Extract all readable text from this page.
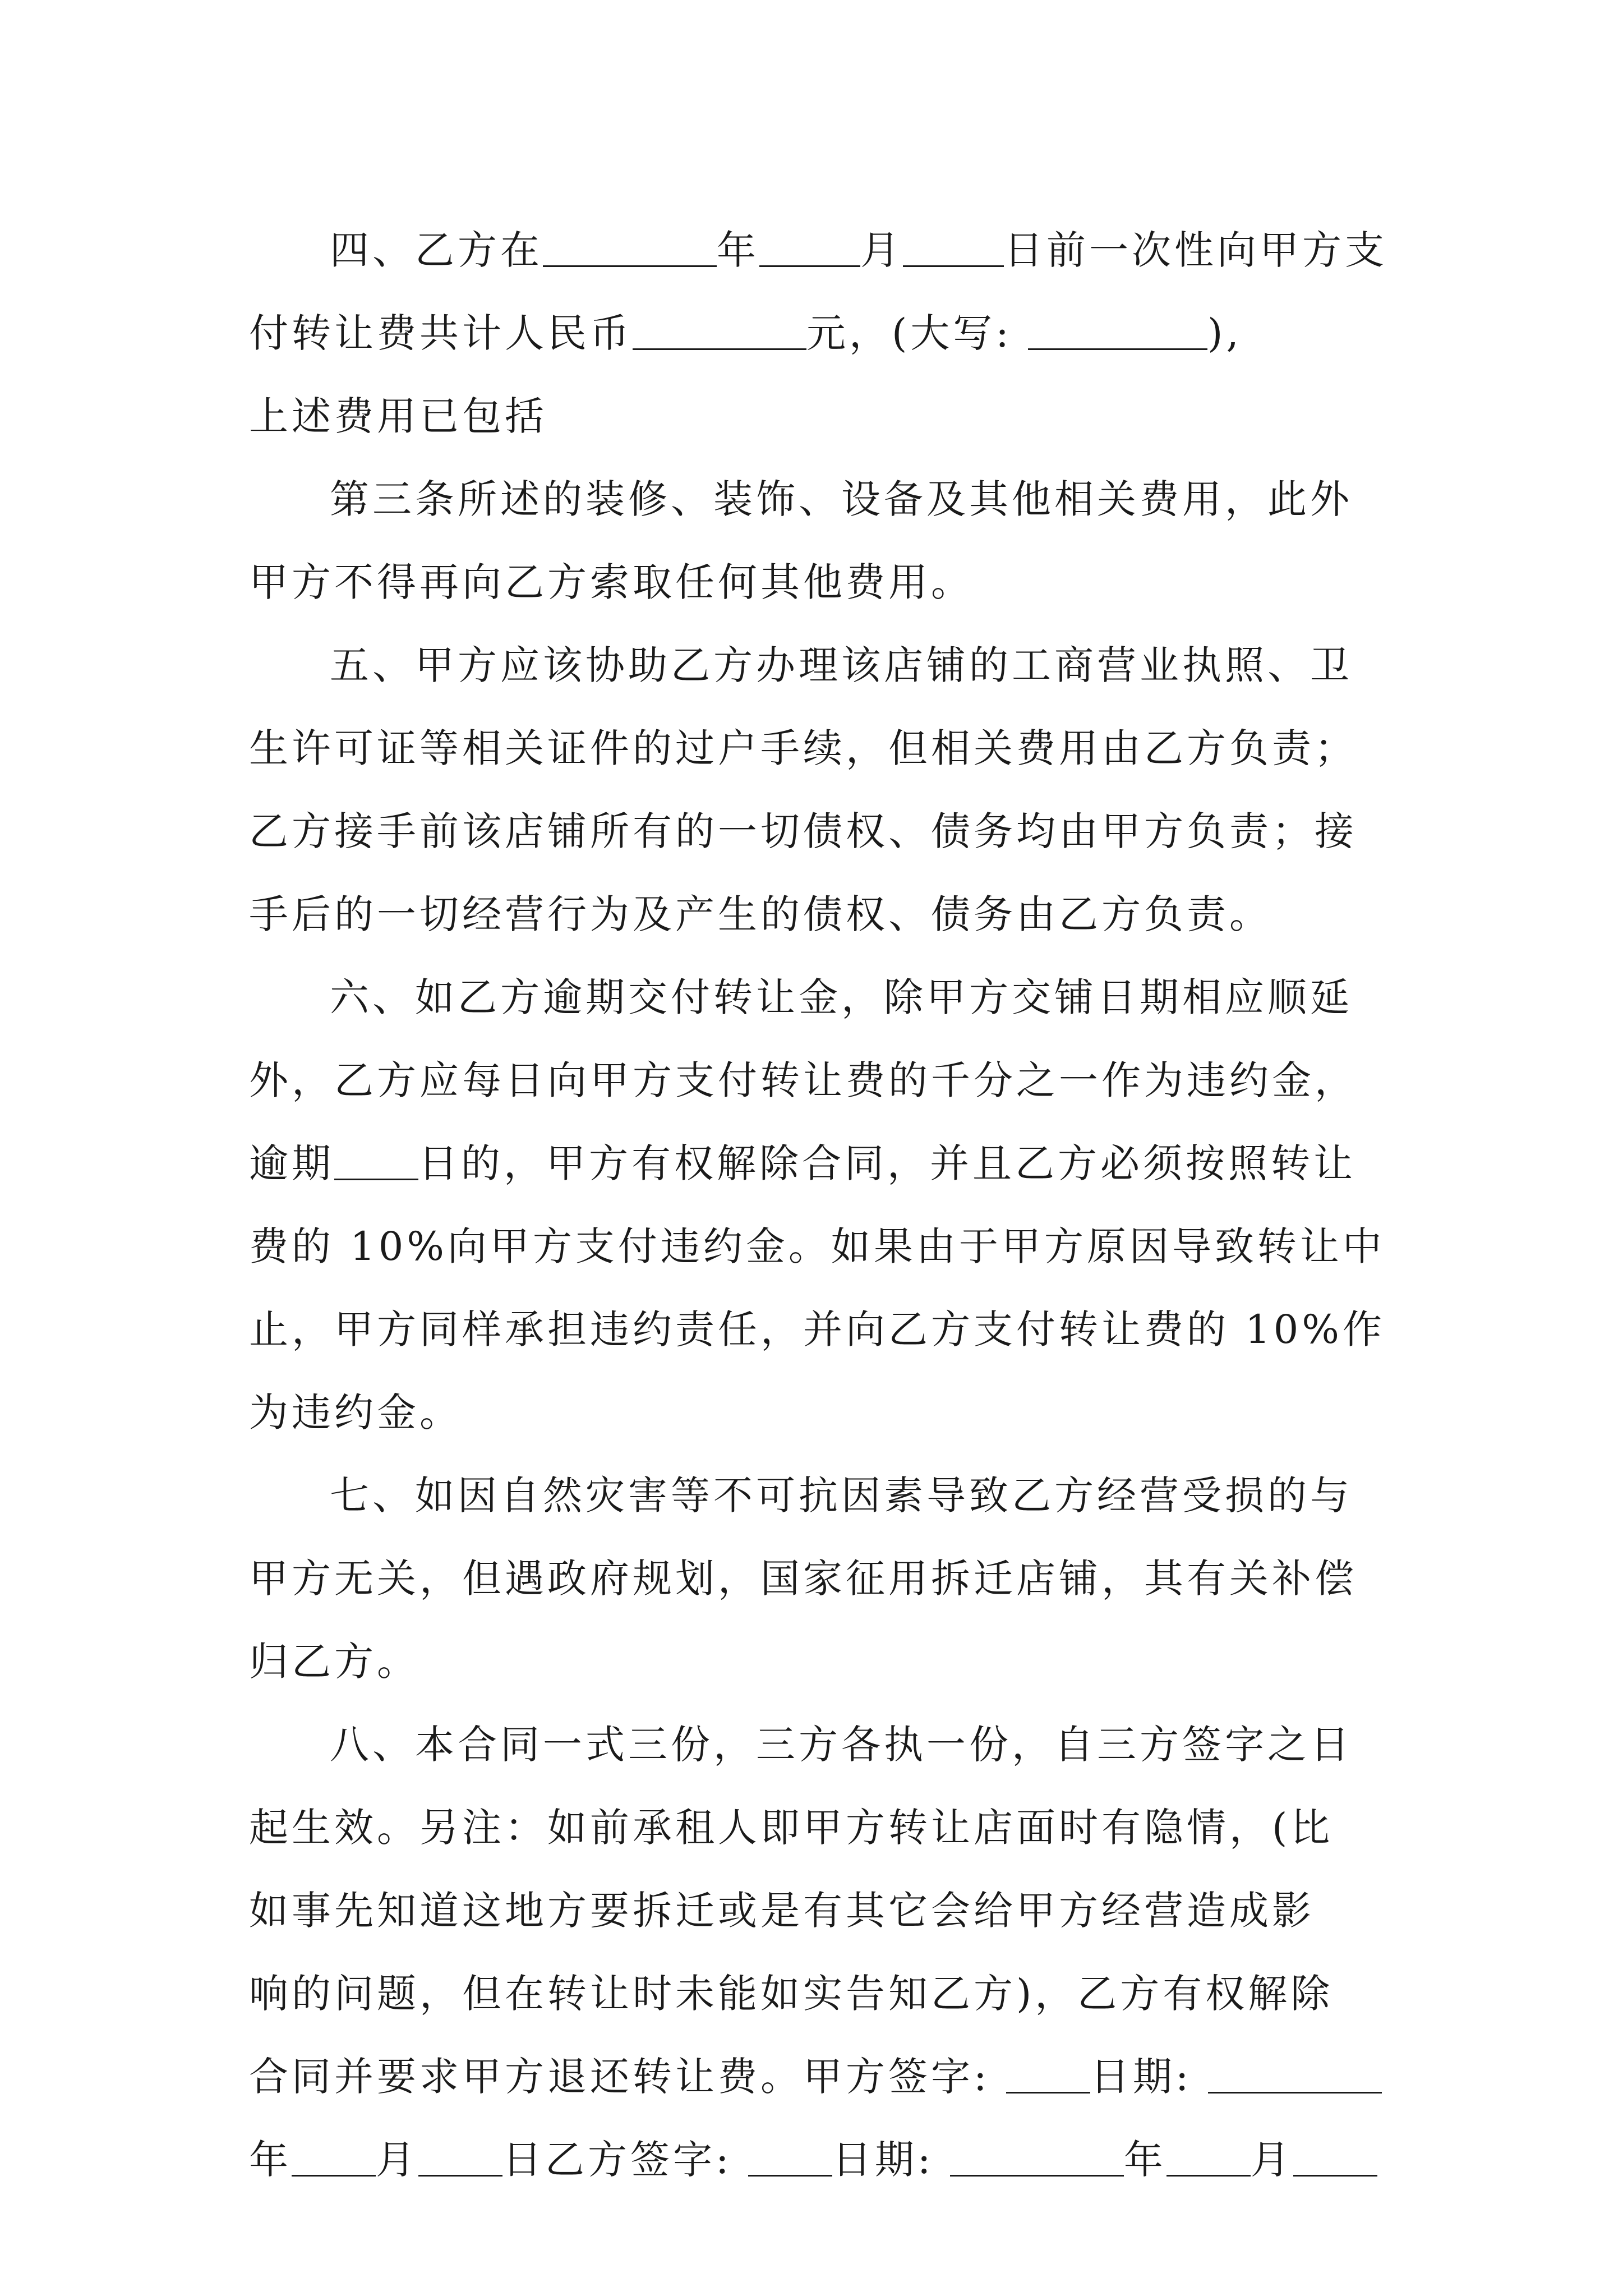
四、乙方在	年	月	日前一次性向甲方支
付转让费共计人民币	元，(大写:	),
上述费用已包括

第三条所述的装修、装饰、设备及其他相关费用，此外
甲方不得再向乙方索取任何其他费用。

五、甲方应该协助乙方办理该店铺的工商营业执照、卫
生许可证等相关证件的过户手续，但相关费用由乙方负责；
乙方接手前该店铺所有的一切债权、债务均由甲方负责；接
手后的一切经营行为及产生的债权、债务由乙方负责。

六、如乙方逾期交付转让金，除甲方交铺日期相应顺延
外，乙方应每日向甲方支付转让费的千分之一作为违约金，
逾期 日的，甲方有权解除合同，并且乙方必须按照转让
费的 10%向甲方支付违约金。如果由于甲方原因导致转让中
止，甲方同样承担违约责任，并向乙方支付转让费的 10%作
为违约金。

七、如因自然灾害等不可抗因素导致乙方经营受损的与
甲方无关，但遇政府规划，国家征用拆迁店铺，其有关补偿
归乙方。

八、本合同一式三份，三方各执一份，自三方签字之日
起生效。另注：如前承租人即甲方转让店面时有隐情，(比
如事先知道这地方要拆迁或是有其它会给甲方经营造成影
响的问题，但在转让时未能如实告知乙方)，乙方有权解除
合同并要求甲方退还转让费。甲方签字: 日期:
年 月 日乙方签字: 日期:	年 月
